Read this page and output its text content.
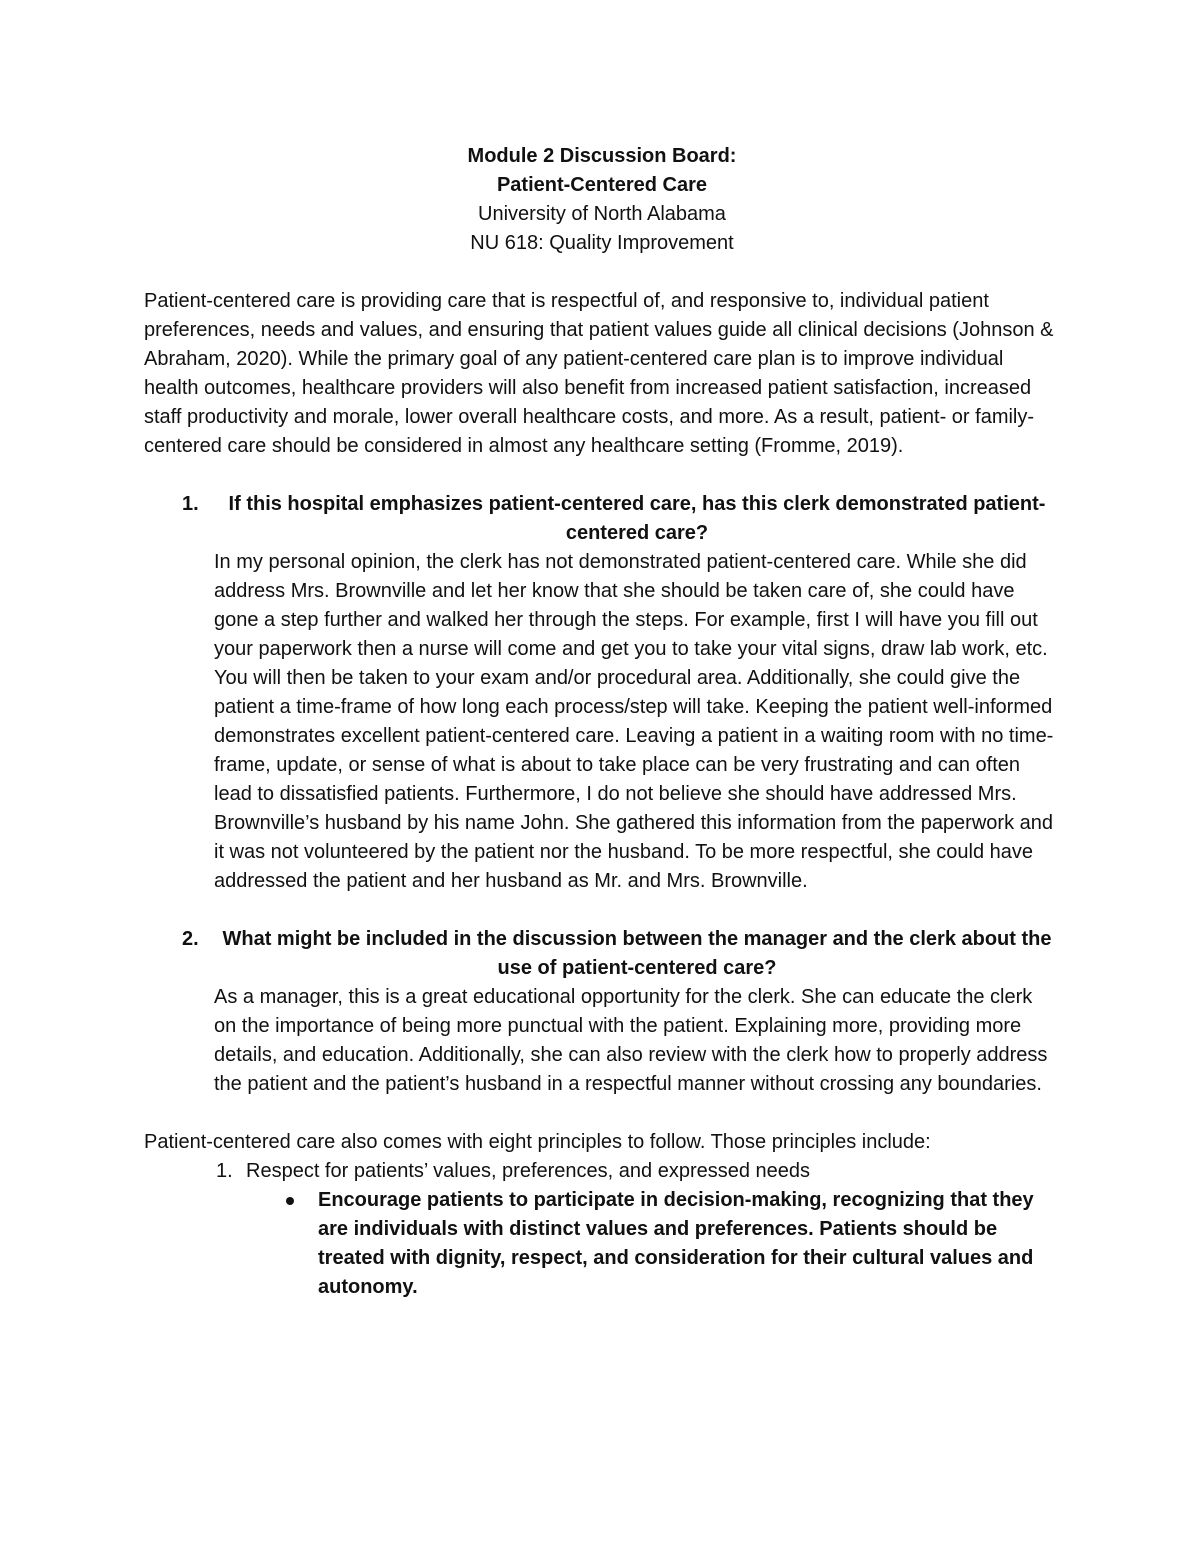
Module 2 Discussion Board:
Patient-Centered Care
University of North Alabama
NU 618: Quality Improvement

Patient-centered care is providing care that is respectful of, and responsive to, individual patient preferences, needs and values, and ensuring that patient values guide all clinical decisions (Johnson & Abraham, 2020). While the primary goal of any patient-centered care plan is to improve individual health outcomes, healthcare providers will also benefit from increased patient satisfaction, increased staff productivity and morale, lower overall healthcare costs, and more. As a result, patient- or family-centered care should be considered in almost any healthcare setting (Fromme, 2019).

1. If this hospital emphasizes patient-centered care, has this clerk demonstrated patient-centered care?

In my personal opinion, the clerk has not demonstrated patient-centered care. While she did address Mrs. Brownville and let her know that she should be taken care of, she could have gone a step further and walked her through the steps. For example, first I will have you fill out your paperwork then a nurse will come and get you to take your vital signs, draw lab work, etc. You will then be taken to your exam and/or procedural area. Additionally, she could give the patient a time-frame of how long each process/step will take. Keeping the patient well-informed demonstrates excellent patient-centered care. Leaving a patient in a waiting room with no time-frame, update, or sense of what is about to take place can be very frustrating and can often lead to dissatisfied patients. Furthermore, I do not believe she should have addressed Mrs. Brownville’s husband by his name John. She gathered this information from the paperwork and it was not volunteered by the patient nor the husband. To be more respectful, she could have addressed the patient and her husband as Mr. and Mrs. Brownville.

2. What might be included in the discussion between the manager and the clerk about the use of patient-centered care?

As a manager, this is a great educational opportunity for the clerk. She can educate the clerk on the importance of being more punctual with the patient. Explaining more, providing more details, and education. Additionally, she can also review with the clerk how to properly address the patient and the patient’s husband in a respectful manner without crossing any boundaries.

Patient-centered care also comes with eight principles to follow. Those principles include:

1. Respect for patients’ values, preferences, and expressed needs
Encourage patients to participate in decision-making, recognizing that they are individuals with distinct values and preferences. Patients should be treated with dignity, respect, and consideration for their cultural values and autonomy.
